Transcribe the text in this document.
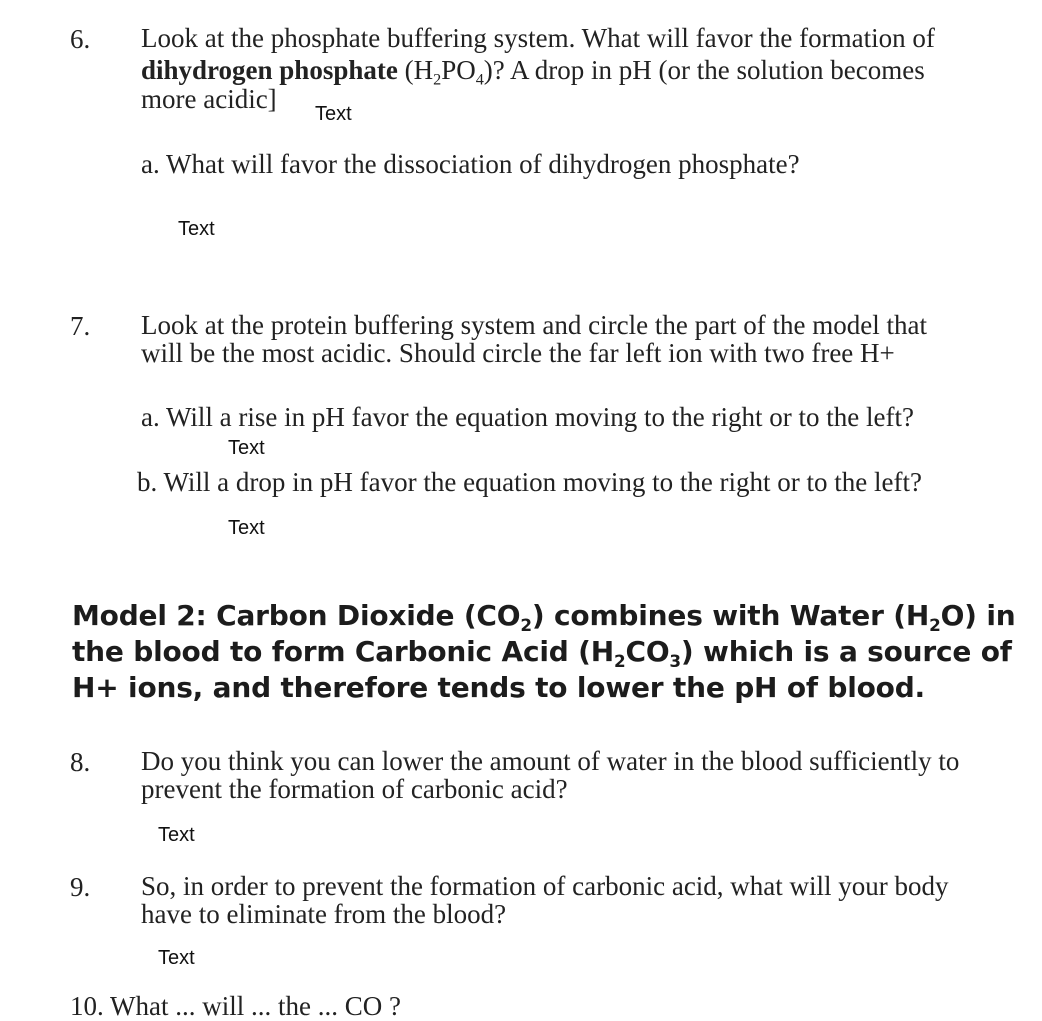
6. Look at the phosphate buffering system. What will favor the formation of
dihydrogen phosphate $(H_2PO_4)$? A drop in pH (or the solution becomes
more acidic] Text
a. What will favor the dissociation of dihydrogen phosphate?
Text
7. Look at the protein buffering system and circle the part of the model that
will be the most acidic. Should circle the far left ion with two free H+
a. Will a rise in pH favor the equation moving to the right or to the left?
Text
b. Will a drop in pH favor the equation moving to the right or to the left?
Text
Model 2: Carbon Dioxide $(CO_2)$ combines with Water $(H_2O)$ in
the blood to form Carbonic Acid $(H_2CO_3)$ which is a source of
H+ ions, and therefore tends to lower the pH of blood.
8. Do you think you can lower the amount of water in the blood sufficiently to
prevent the formation of carbonic acid?
Text
9. So, in order to prevent the formation of carbonic acid, what will your body
have to eliminate from the blood?
Text
10. What ... will ... the ... CO ?
